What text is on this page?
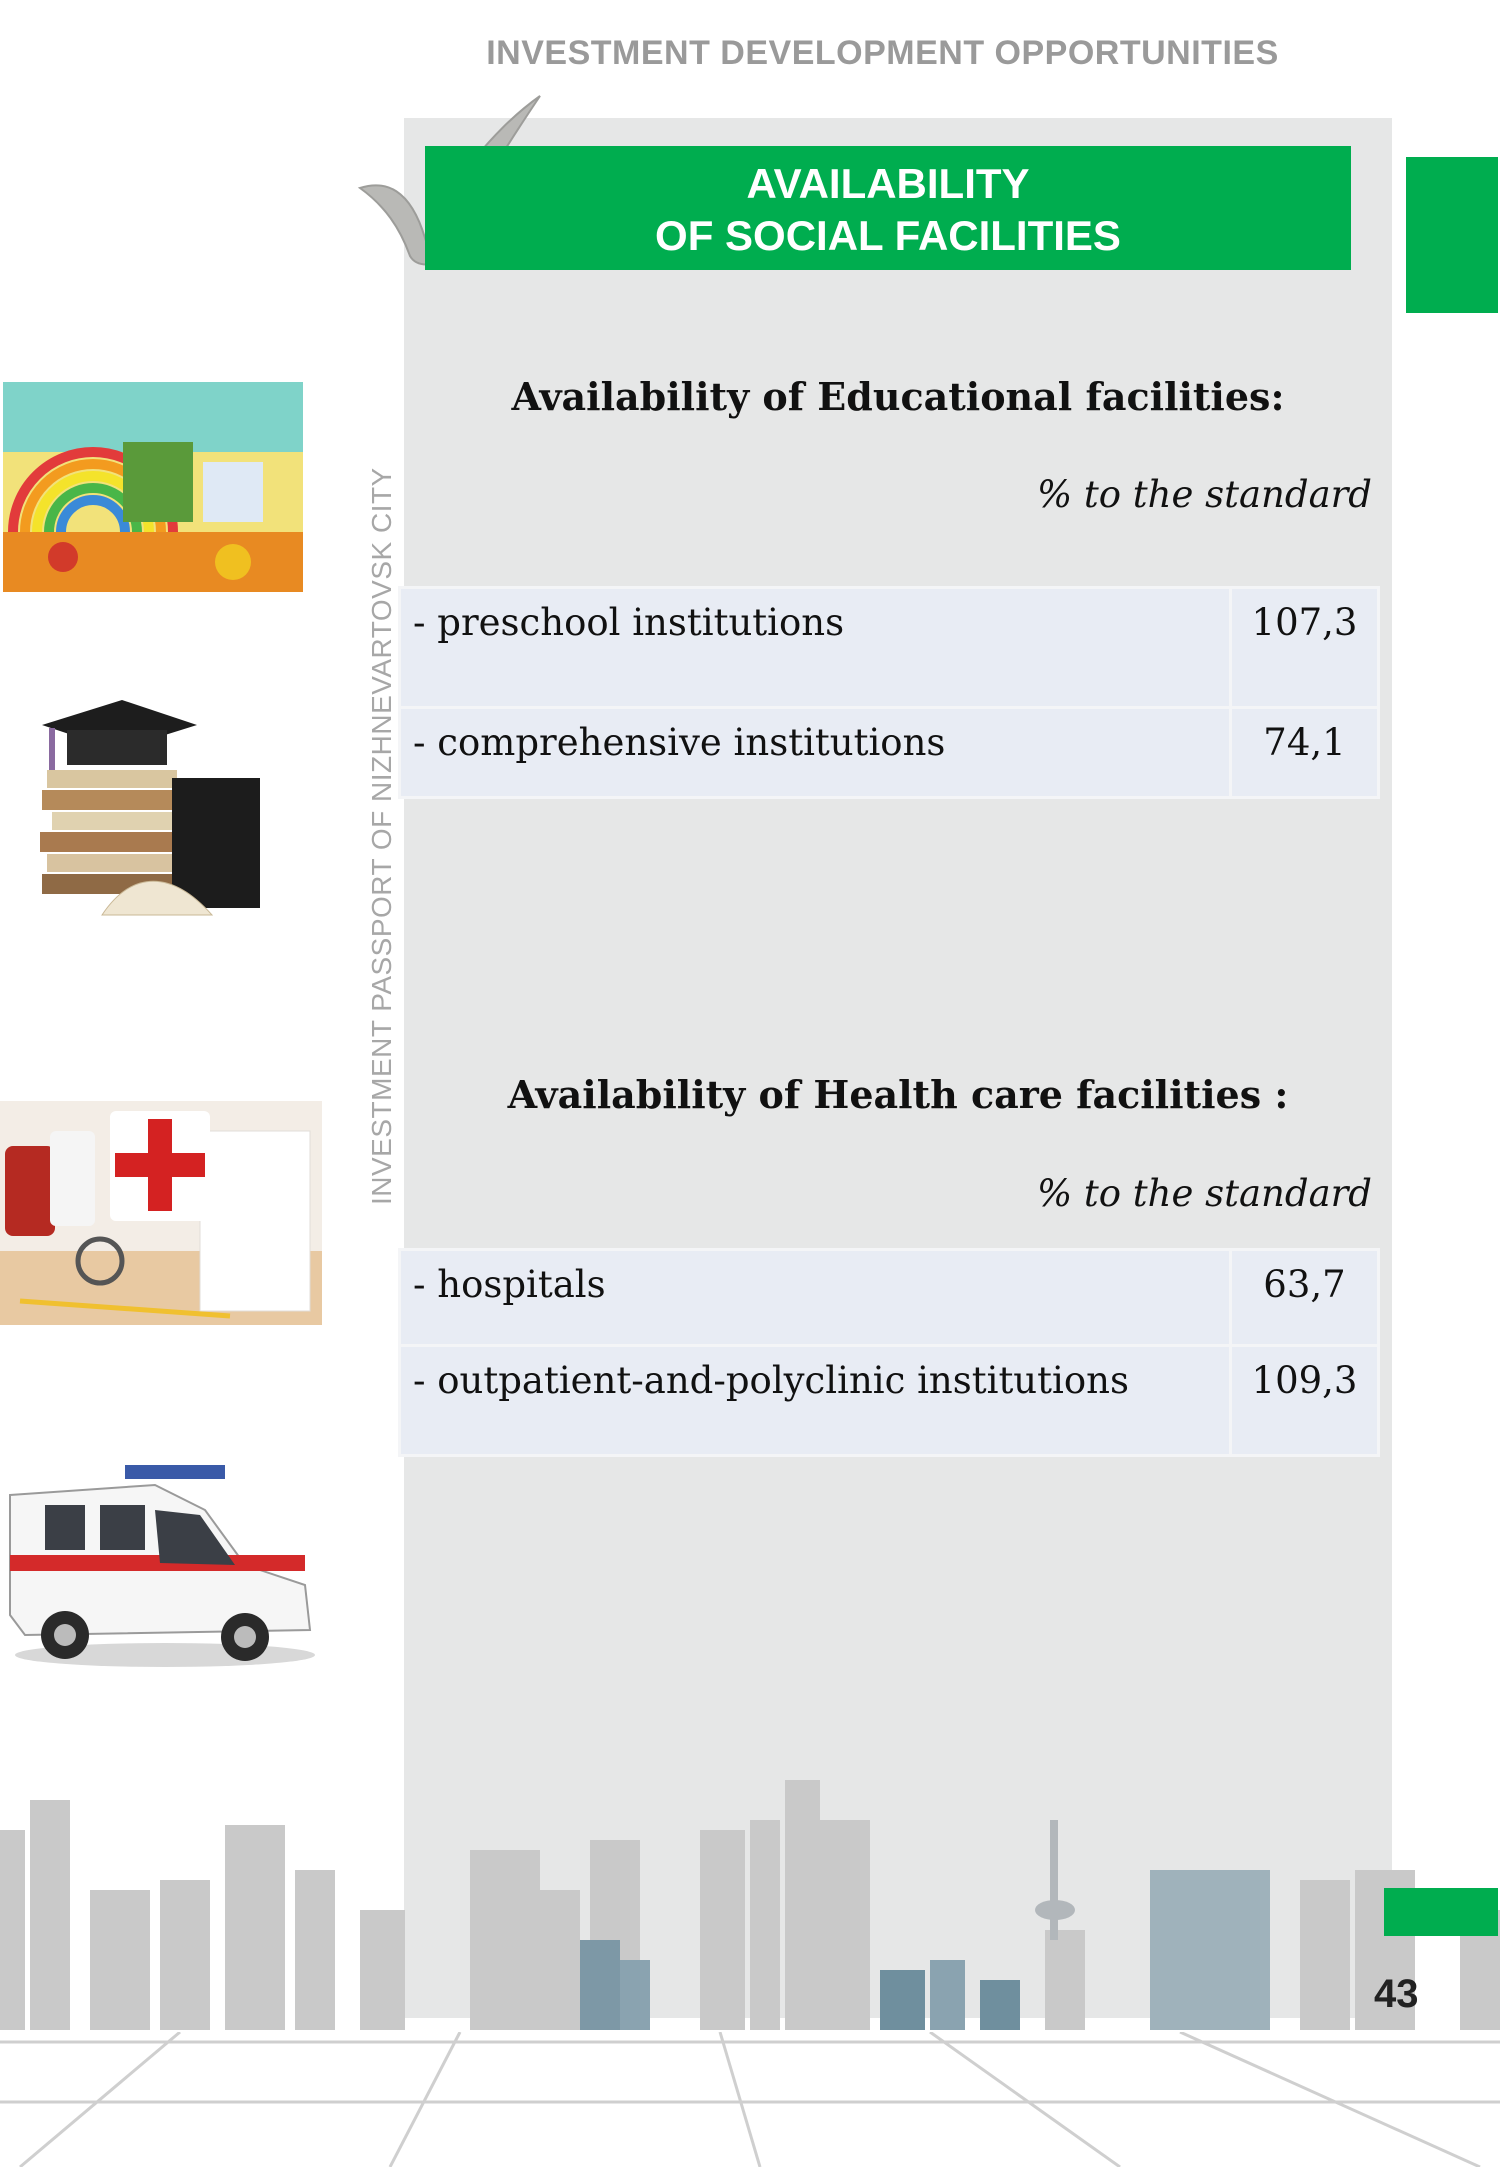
INVESTMENT DEVELOPMENT OPPORTUNITIES
AVAILABILITY
OF SOCIAL FACILITIES
INVESTMENT PASSPORT OF NIZHNEVARTOVSK CITY
Availability of Educational facilities:
% to the standard
- preschool institutions	107,3
- comprehensive institutions	74,1
Availability of Health care facilities :
% to the standard
- hospitals	63,7
- outpatient-and-polyclinic institutions	109,3
43
